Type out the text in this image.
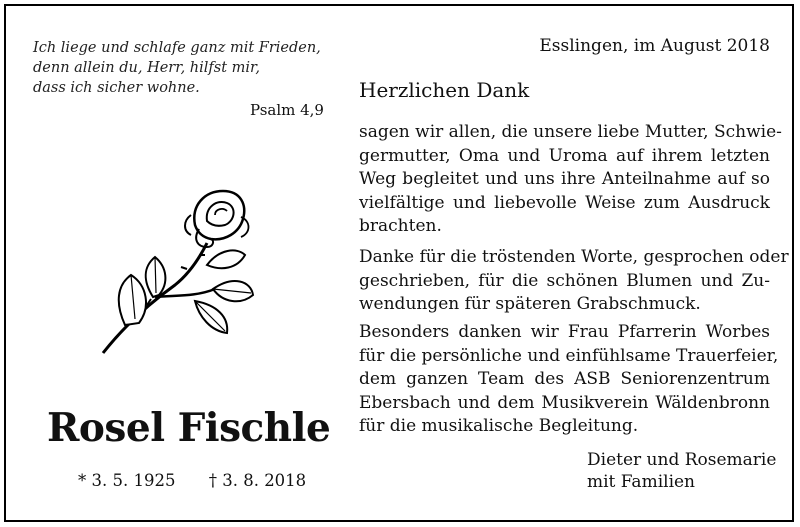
Ich liege und schlafe ganz mit Frieden,
denn allein du, Herr, hilfst mir,
dass ich sicher wohne.
Psalm 4,9
Rosel Fischle
* 3. 5. 1925 † 3. 8. 2018
Esslingen, im August 2018
Herzlichen Dank
sagen wir allen, die unsere liebe Mutter, Schwie-
germutter, Oma und Uroma auf ihrem letzten
Weg begleitet und uns ihre Anteilnahme auf so
vielfältige und liebevolle Weise zum Ausdruck
brachten.
Danke für die tröstenden Worte, gesprochen oder
geschrieben, für die schönen Blumen und Zu-
wendungen für späteren Grabschmuck.
Besonders danken wir Frau Pfarrerin Worbes
für die persönliche und einfühlsame Trauerfeier,
dem ganzen Team des ASB Seniorenzentrum
Ebersbach und dem Musikverein Wäldenbronn
für die musikalische Begleitung.
Dieter und Rosemarie
mit Familien
